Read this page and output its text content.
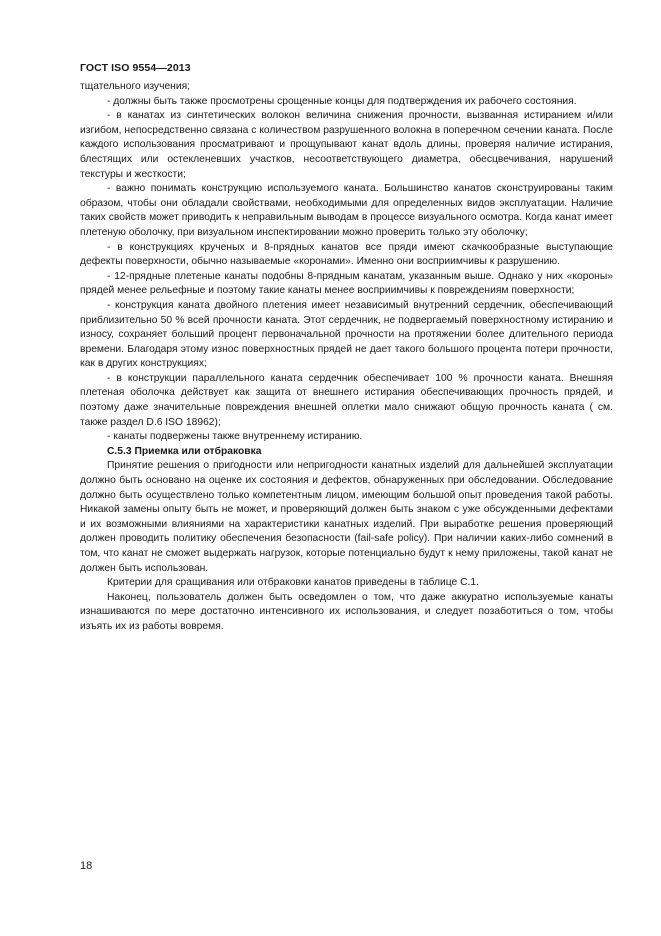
ГОСТ ISO 9554—2013

тщательного изучения;

- должны быть также просмотрены срощенные концы для подтверждения их рабочего состояния.

- в канатах из синтетических волокон величина снижения прочности, вызванная истиранием и/или изгибом, непосредственно связана с количеством разрушенного волокна в поперечном сечении каната. После каждого использования просматривают и прощупывают канат вдоль длины, проверяя наличие истирания, блестящих или остекленевших участков, несоответствующего диаметра, обесцвечивания, нарушений текстуры и жесткости;

- важно понимать конструкцию используемого каната. Большинство канатов сконструированы таким образом, чтобы они обладали свойствами, необходимыми для определенных видов эксплуатации. Наличие таких свойств может приводить к неправильным выводам в процессе визуального осмотра. Когда канат имеет плетеную оболочку, при визуальном инспектировании можно проверить только эту оболочку;

- в конструкциях крученых и 8-прядных канатов все пряди имеют скачкообразные выступающие дефекты поверхности, обычно называемые «коронами». Именно они восприимчивы к разрушению.

- 12-прядные плетеные канаты подобны 8-прядным канатам, указанным выше. Однако у них «короны» прядей менее рельефные и поэтому такие канаты менее восприимчивы к повреждениям поверхности;

- конструкция каната двойного плетения имеет независимый внутренний сердечник, обеспечивающий приблизительно 50 % всей прочности каната. Этот сердечник, не подвергаемый поверхностному истиранию и износу, сохраняет больший процент первоначальной прочности на протяжении более длительного периода времени. Благодаря этому износ поверхностных прядей не дает такого большого процента потери прочности, как в других конструкциях;

- в конструкции параллельного каната сердечник обеспечивает 100 % прочности каната. Внешняя плетеная оболочка действует как защита от внешнего истирания обеспечивающих прочность прядей, и поэтому даже значительные повреждения внешней оплетки мало снижают общую прочность каната ( см. также раздел D.6 ISO 18962);

- канаты подвержены также внутреннему истиранию.

C.5.3 Приемка или отбраковка

Принятие решения о пригодности или непригодности канатных изделий для дальнейшей эксплуатации должно быть основано на оценке их состояния и дефектов, обнаруженных при обследовании. Обследование должно быть осуществлено только компетентным лицом, имеющим большой опыт проведения такой работы. Никакой замены опыту быть не может, и проверяющий должен быть знаком с уже обсужденными дефектами и их возможными влияниями на характеристики канатных изделий. При выработке решения проверяющий должен проводить политику обеспечения безопасности (fail-safe policy). При наличии каких-либо сомнений в том, что канат не сможет выдержать нагрузок, которые потенциально будут к нему приложены, такой канат не должен быть использован.

Критерии для сращивания или отбраковки канатов приведены в таблице С.1.

Наконец, пользователь должен быть осведомлен о том, что даже аккуратно используемые канаты изнашиваются по мере достаточно интенсивного их использования, и следует позаботиться о том, чтобы изъять их из работы вовремя.

18
